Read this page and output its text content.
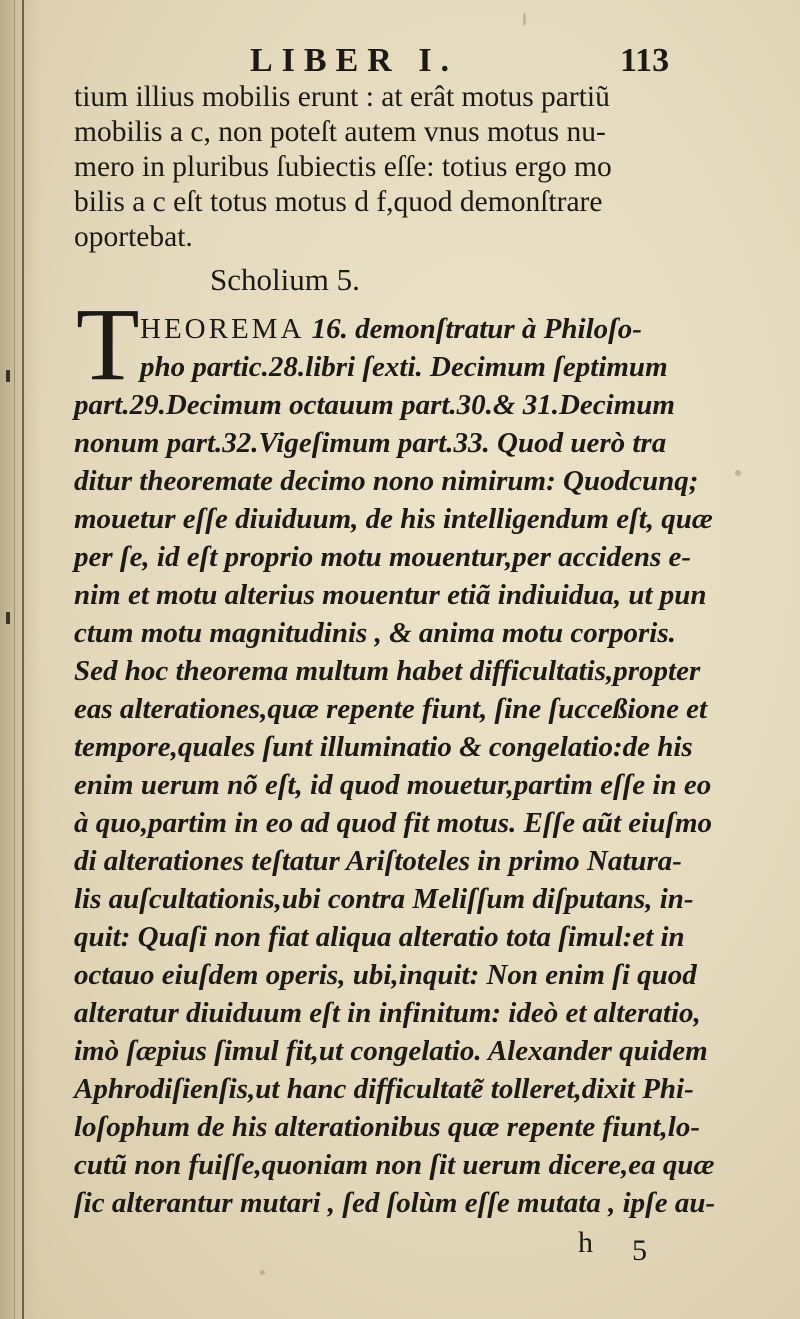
LIBER I.	113
tium illius mobilis erunt : at erât motus partiũ
mobilis a c, non poteſt autem vnus motus nu-
mero in pluribus ſubiectis eſſe: totius ergo mo
bilis a c eſt totus motus d f,quod demonſtrare
oportebat.
Scholium 5.
T HEOREMA 16. demonſtratur à Philoſo-
pho partic.28.libri ſexti. Decimum ſeptimum
part.29.Decimum octauum part.30.& 31.Decimum
nonum part.32.Vigeſimum part.33. Quod uerò tra
ditur theoremate decimo nono nimirum: Quodcunq;
mouetur eſſe diuiduum, de his intelligendum eſt, quæ
per ſe, id eſt proprio motu mouentur,per accidens e-
nim et motu alterius mouentur etiã indiuidua, ut pun
ctum motu magnitudinis , & anima motu corporis.
Sed hoc theorema multum habet difficultatis,propter
eas alterationes,quæ repente fiunt, ſine ſucceßione et
tempore,quales ſunt illuminatio & congelatio:de his
enim uerum nõ eſt, id quod mouetur,partim eſſe in eo
à quo,partim in eo ad quod fit motus. Eſſe aũt eiuſmo
di alterationes teſtatur Ariſtoteles in primo Natura-
lis auſcultationis,ubi contra Meliſſum diſputans, in-
quit: Quaſi non fiat aliqua alteratio tota ſimul:et in
octauo eiuſdem operis, ubi,inquit: Non enim ſi quod
alteratur diuiduum eſt in infinitum: ideò et alteratio,
imò ſæpius ſimul fit,ut congelatio. Alexander quidem
Aphrodiſienſis,ut hanc difficultatẽ tolleret,dixit Phi-
loſophum de his alterationibus quæ repente fiunt,lo-
cutũ non fuiſſe,quoniam non ſit uerum dicere,ea quæ
ſic alterantur mutari , ſed ſolùm eſſe mutata , ipſe au-
h 5
